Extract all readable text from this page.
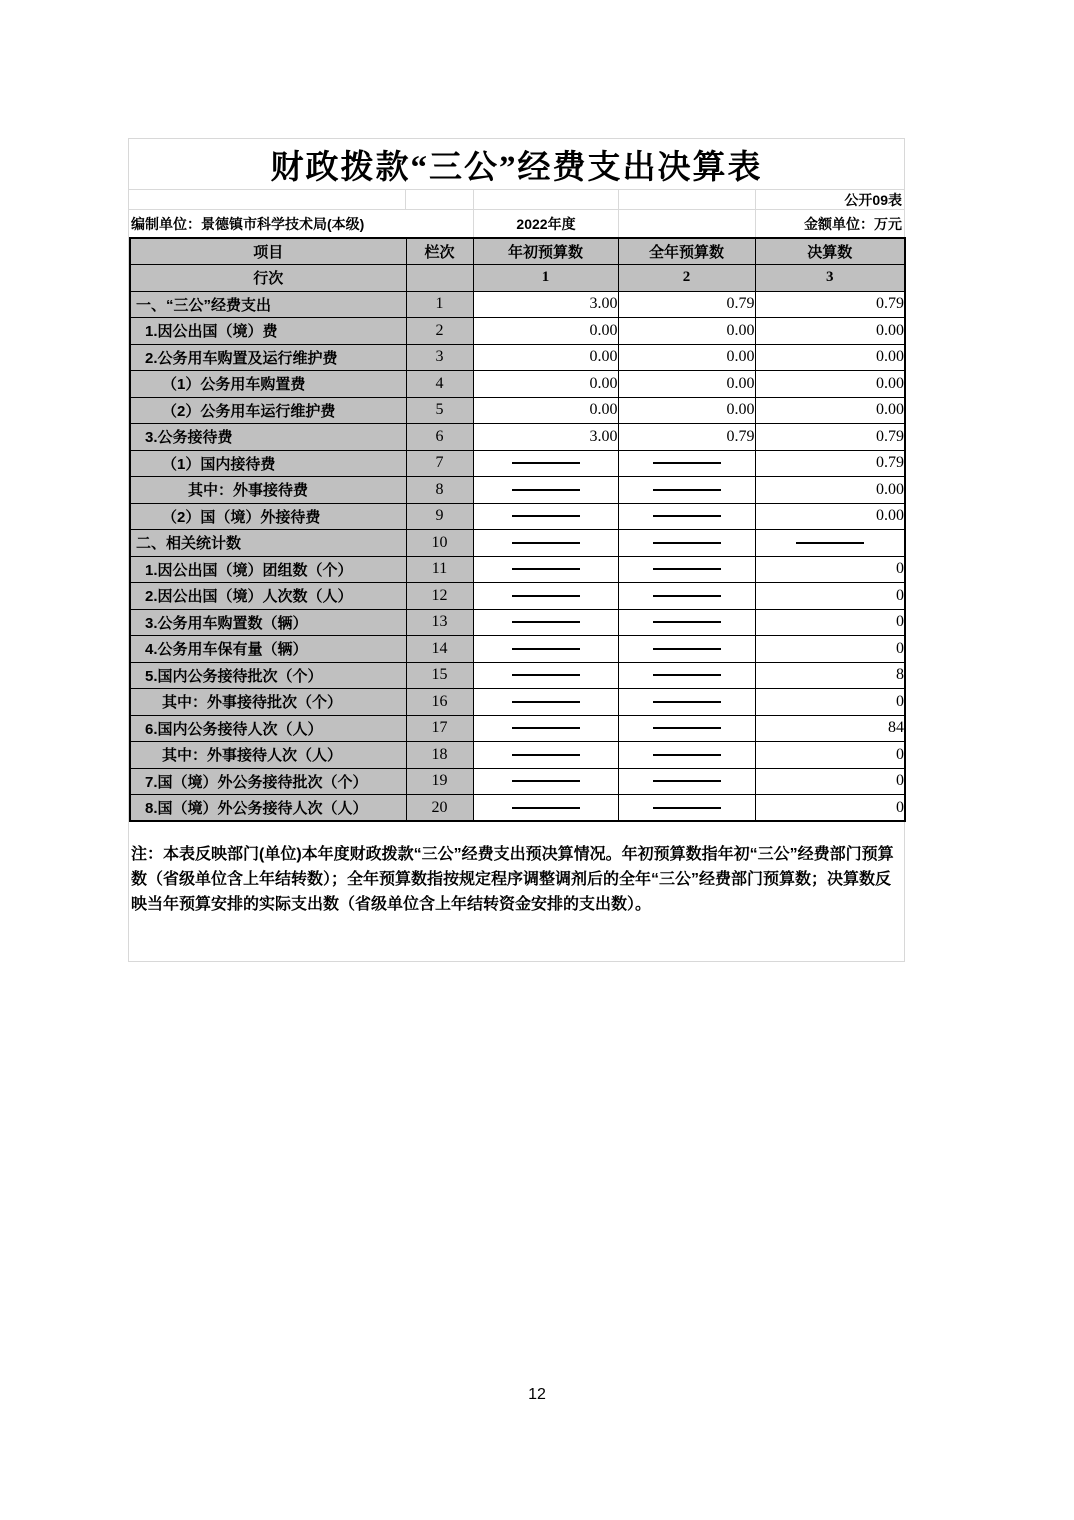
财政拨款“三公”经费支出决算表
公开09表
编制单位：景德镇市科学技术局(本级)	2022年度	金额单位：万元
项目	栏次	年初预算数	全年预算数	决算数
行次		1	2	3
一、“三公”经费支出	1	3.00	0.79	0.79
1.因公出国（境）费	2	0.00	0.00	0.00
2.公务用车购置及运行维护费	3	0.00	0.00	0.00
（1）公务用车购置费	4	0.00	0.00	0.00
（2）公务用车运行维护费	5	0.00	0.00	0.00
3.公务接待费	6	3.00	0.79	0.79
（1）国内接待费	7			0.79
其中：外事接待费	8			0.00
（2）国（境）外接待费	9			0.00
二、相关统计数	10			
1.因公出国（境）团组数（个）	11			0
2.因公出国（境）人次数（人）	12			0
3.公务用车购置数（辆）	13			0
4.公务用车保有量（辆）	14			0
5.国内公务接待批次（个）	15			8
其中：外事接待批次（个）	16			0
6.国内公务接待人次（人）	17			84
其中：外事接待人次（人）	18			0
7.国（境）外公务接待批次（个）	19			0
8.国（境）外公务接待人次（人）	20			0
注：本表反映部门(单位)本年度财政拨款“三公”经费支出预决算情况。年初预算数指年初“三公”经费部门预算数（省级单位含上年结转数）；全年预算数指按规定程序调整调剂后的全年“三公”经费部门预算数；决算数反映当年预算安排的实际支出数（省级单位含上年结转资金安排的支出数）。
12
